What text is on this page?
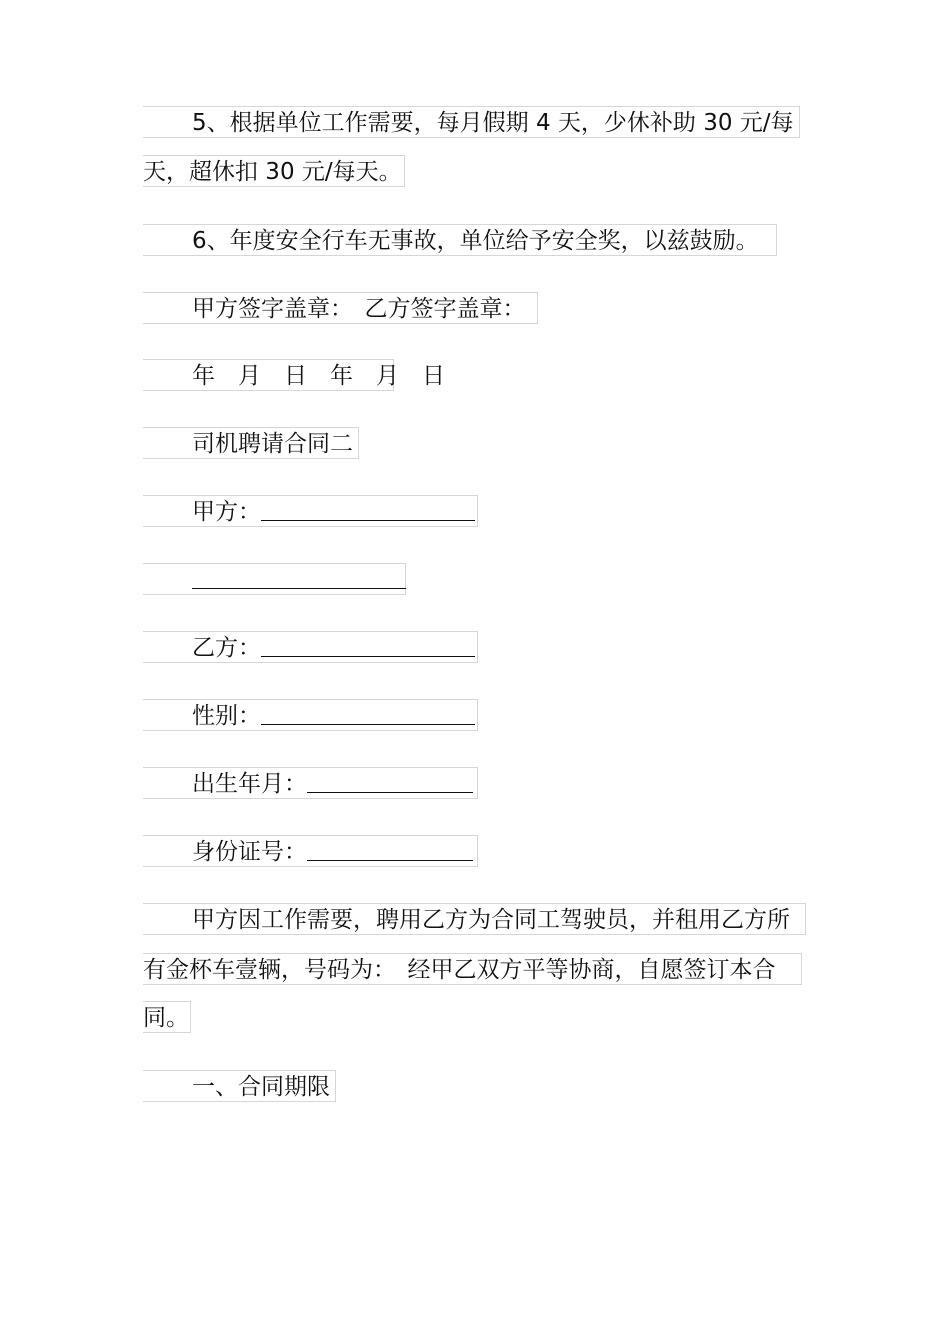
5、根据单位工作需要，每月假期 4 天，少休补助 30 元/每
天，超休扣 30 元/每天。
6、年度安全行车无事故，单位给予安全奖，以兹鼓励。
甲方签字盖章：　乙方签字盖章：
年　月　日　年　月　日
司机聘请合同二
甲方：
乙方：
性别：
出生年月：
身份证号：
甲方因工作需要，聘用乙方为合同工驾驶员，并租用乙方所
有金杯车壹辆，号码为：　经甲乙双方平等协商，自愿签订本合
同。
一、合同期限
